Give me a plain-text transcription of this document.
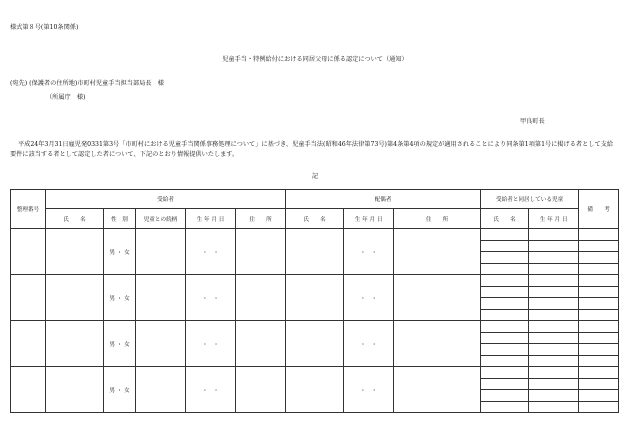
様式第８号(第10条関係)
児童手当・特例給付における同居父母に係る認定について（通知）
(宛先) (保護者の住所地)市町村児童手当担当部局長　様
（所属庁　様)
甲良町長
平成24年3月31日雇児発0331第3号「市町村における児童手当関係事務処理について」に基づき、児童手当法(昭和46年法律第73号)第4条第4項の規定が適用されることにより同条第1項第1号に掲げる者として支給要件に該当する者として認定した者について、下記のとおり情報提供いたします。
記
整理番号	受給者					配偶者			受給者と同居している児童		備　　考
	氏　　名	性　別	児童との続柄	生 年 月 日	住　　所	氏　　名	生 年 月 日	住　　所	氏　　名	生 年 月 日	
		男 ・ 女		・　・			・　・				

		男 ・ 女		・　・			・　・				

		男 ・ 女		・　・			・　・				

		男 ・ 女		・　・			・　・				
